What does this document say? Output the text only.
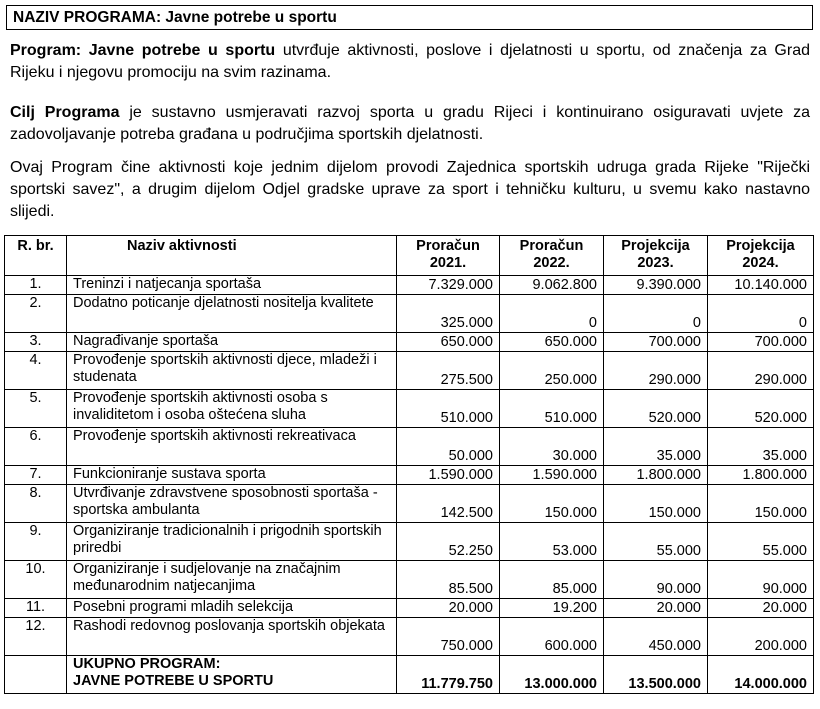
NAZIV PROGRAMA: Javne potrebe u sportu

Program: Javne potrebe u sportu utvrđuje aktivnosti, poslove i djelatnosti u sportu, od značenja za Grad Rijeku i njegovu promociju na svim razinama.

Cilj Programa je sustavno usmjeravati razvoj sporta u gradu Rijeci i kontinuirano osiguravati uvjete za zadovoljavanje potreba građana u područjima sportskih djelatnosti.

Ovaj Program čine aktivnosti koje jednim dijelom provodi Zajednica sportskih udruga grada Rijeke "Riječki sportski savez", a drugim dijelom Odjel gradske uprave za sport i tehničku kulturu, u svemu kako nastavno slijedi.

R. br.	Naziv aktivnosti	Proračun 2021.	Proračun 2022.	Projekcija 2023.	Projekcija 2024.
1.	Treninzi i natjecanja sportaša	7.329.000	9.062.800	9.390.000	10.140.000
2.	Dodatno poticanje djelatnosti nositelja kvalitete	325.000	0	0	0
3.	Nagrađivanje sportaša	650.000	650.000	700.000	700.000
4.	Provođenje sportskih aktivnosti djece, mladeži i studenata	275.500	250.000	290.000	290.000
5.	Provođenje sportskih aktivnosti osoba s invaliditetom i osoba oštećena sluha	510.000	510.000	520.000	520.000
6.	Provođenje sportskih aktivnosti rekreativaca	50.000	30.000	35.000	35.000
7.	Funkcioniranje sustava sporta	1.590.000	1.590.000	1.800.000	1.800.000
8.	Utvrđivanje zdravstvene sposobnosti sportaša - sportska ambulanta	142.500	150.000	150.000	150.000
9.	Organiziranje tradicionalnih i prigodnih sportskih priredbi	52.250	53.000	55.000	55.000
10.	Organiziranje i sudjelovanje na značajnim međunarodnim natjecanjima	85.500	85.000	90.000	90.000
11.	Posebni programi mladih selekcija	20.000	19.200	20.000	20.000
12.	Rashodi redovnog poslovanja sportskih objekata	750.000	600.000	450.000	200.000

	UKUPNO PROGRAM:
JAVNE POTREBE U SPORTU	11.779.750	13.000.000	13.500.000	14.000.000
